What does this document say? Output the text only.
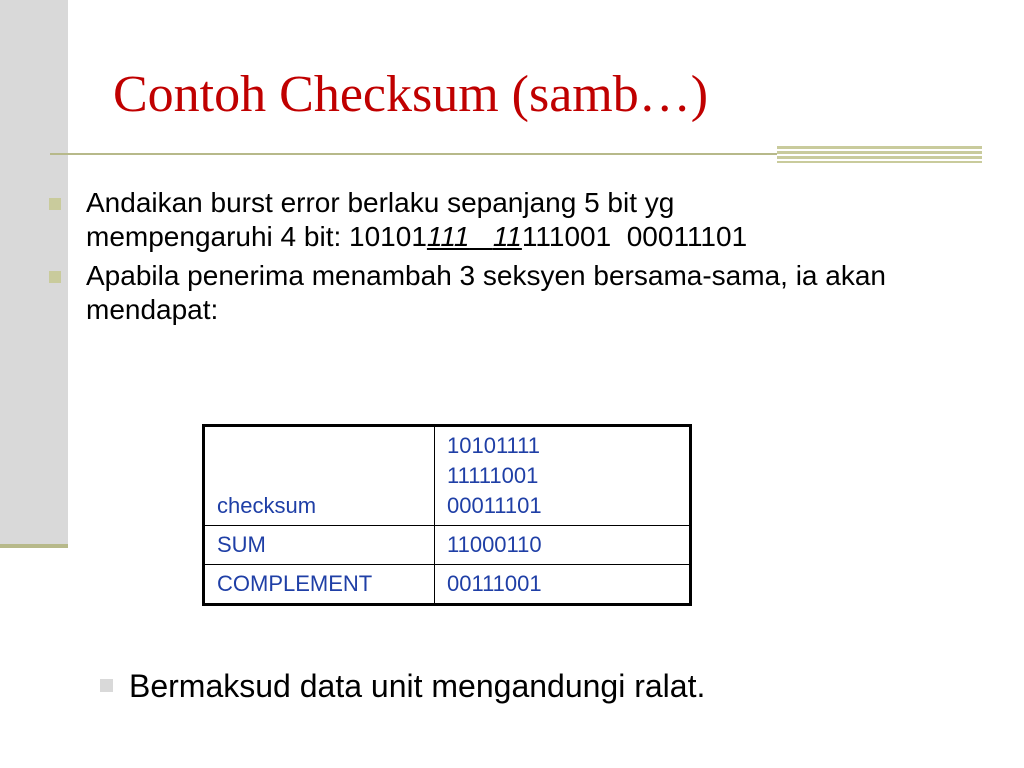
Contoh Checksum (samb…)
Andaikan burst error berlaku sepanjang 5 bit yg
mempengaruhi 4 bit: 10101111 11111001  00011101
Apabila penerima menambah 3 seksyen bersama-sama, ia akan mendapat:
checksum	10101111
11111001
00011101

SUM	11000110
COMPLEMENT	00111001
Bermaksud data unit mengandungi ralat.
